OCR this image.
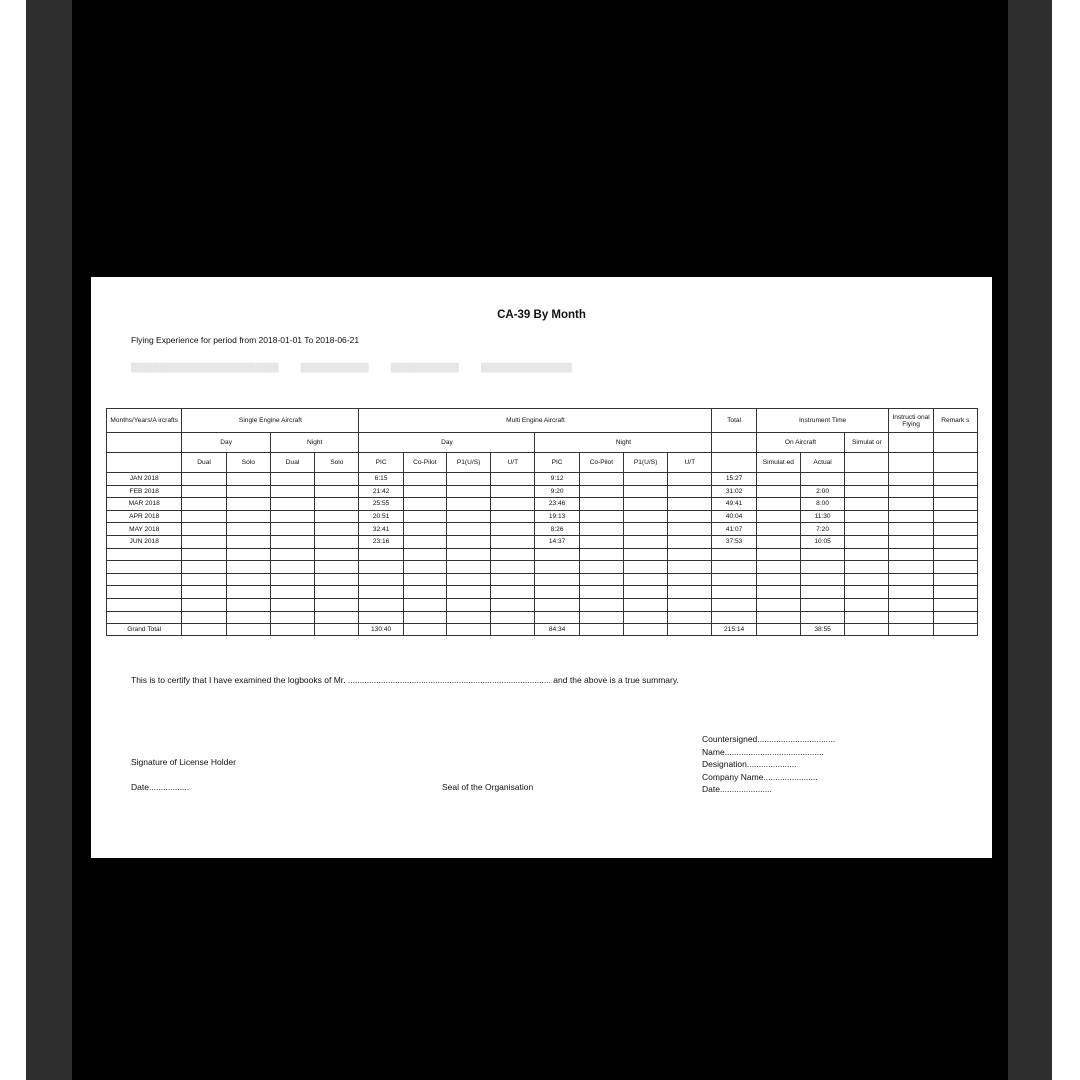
CA-39 By Month
Flying Experience for period from 2018-01-01 To 2018-06-21
██████████████████████████          ████████████          ████████████          ████████████████
Months/Years/A ircrafts	Single Engine Aircraft				Multi Engine Aircraft								Total	Instrument Time			Instructi onal Flying	Remark s
	Day		Night		Day				Night					On Aircraft		Simulat or		
	Dual	Solo	Dual	Solo	PIC	Co-Pilot	P1(U/S)	U/T	PIC	Co-Pilot	P1(U/S)	U/T		Simulat ed	Actual			
JAN 2018					6:15				9:12				15:27					
FEB 2018					21:42				9:20				31:02		2:00			
MAR 2018					25:55				23:46				49:41		8:00			
APR 2018					20:51				19:13				40:04		11:30			
MAY 2018					32:41				8:26				41:07		7:20			
JUN 2018					23:16				14:37				37:53		10:05			

Grand Total					130:40				84:34				215:14		38:55			
This is to certify that I have examined the logbooks of Mr. ...................................................................................... and the above is a true summary.
Signature of License Holder
Date.................	Seal of the Organisation
Countersigned.................................
Name..........................................
Designation.....................
Company Name.......................
Date......................
